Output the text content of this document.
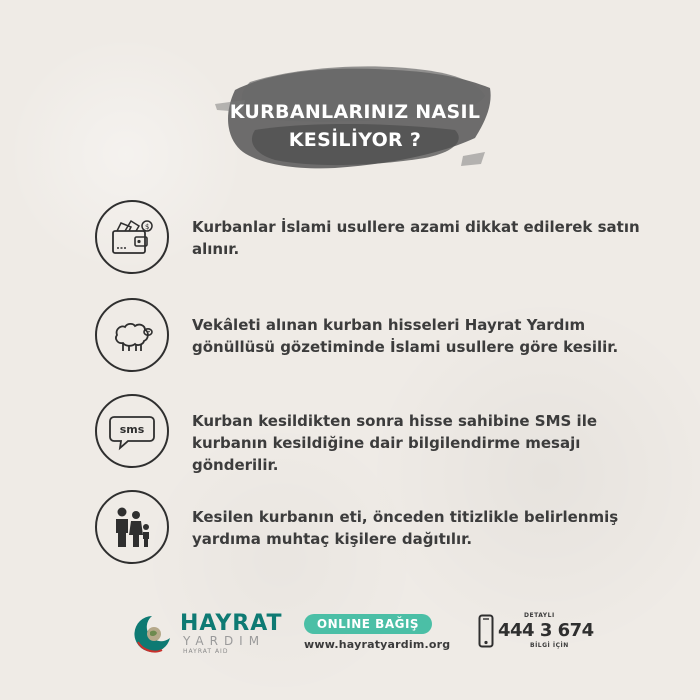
KURBANLARINIZ NASIL
KESİLİYOR ?
$	Kurbanlar İslami usullere azami dikkat edilerek satın alınır.
Vekâleti alınan kurban hisseleri Hayrat Yardım gönüllüsü gözetiminde İslami usullere göre kesilir.
sms	Kurban kesildikten sonra hisse sahibine SMS ile kurbanın kesildiğine dair bilgilendirme mesajı gönderilir.
Kesilen kurbanın eti, önceden titizlikle belirlenmiş yardıma muhtaç kişilere dağıtılır.
HAYRAT
YARDIM
HAYRAT AID
ONLINE BAĞIŞ
www.hayratyardim.org
DETAYLI
444 3 674
BİLGİ İÇİN
